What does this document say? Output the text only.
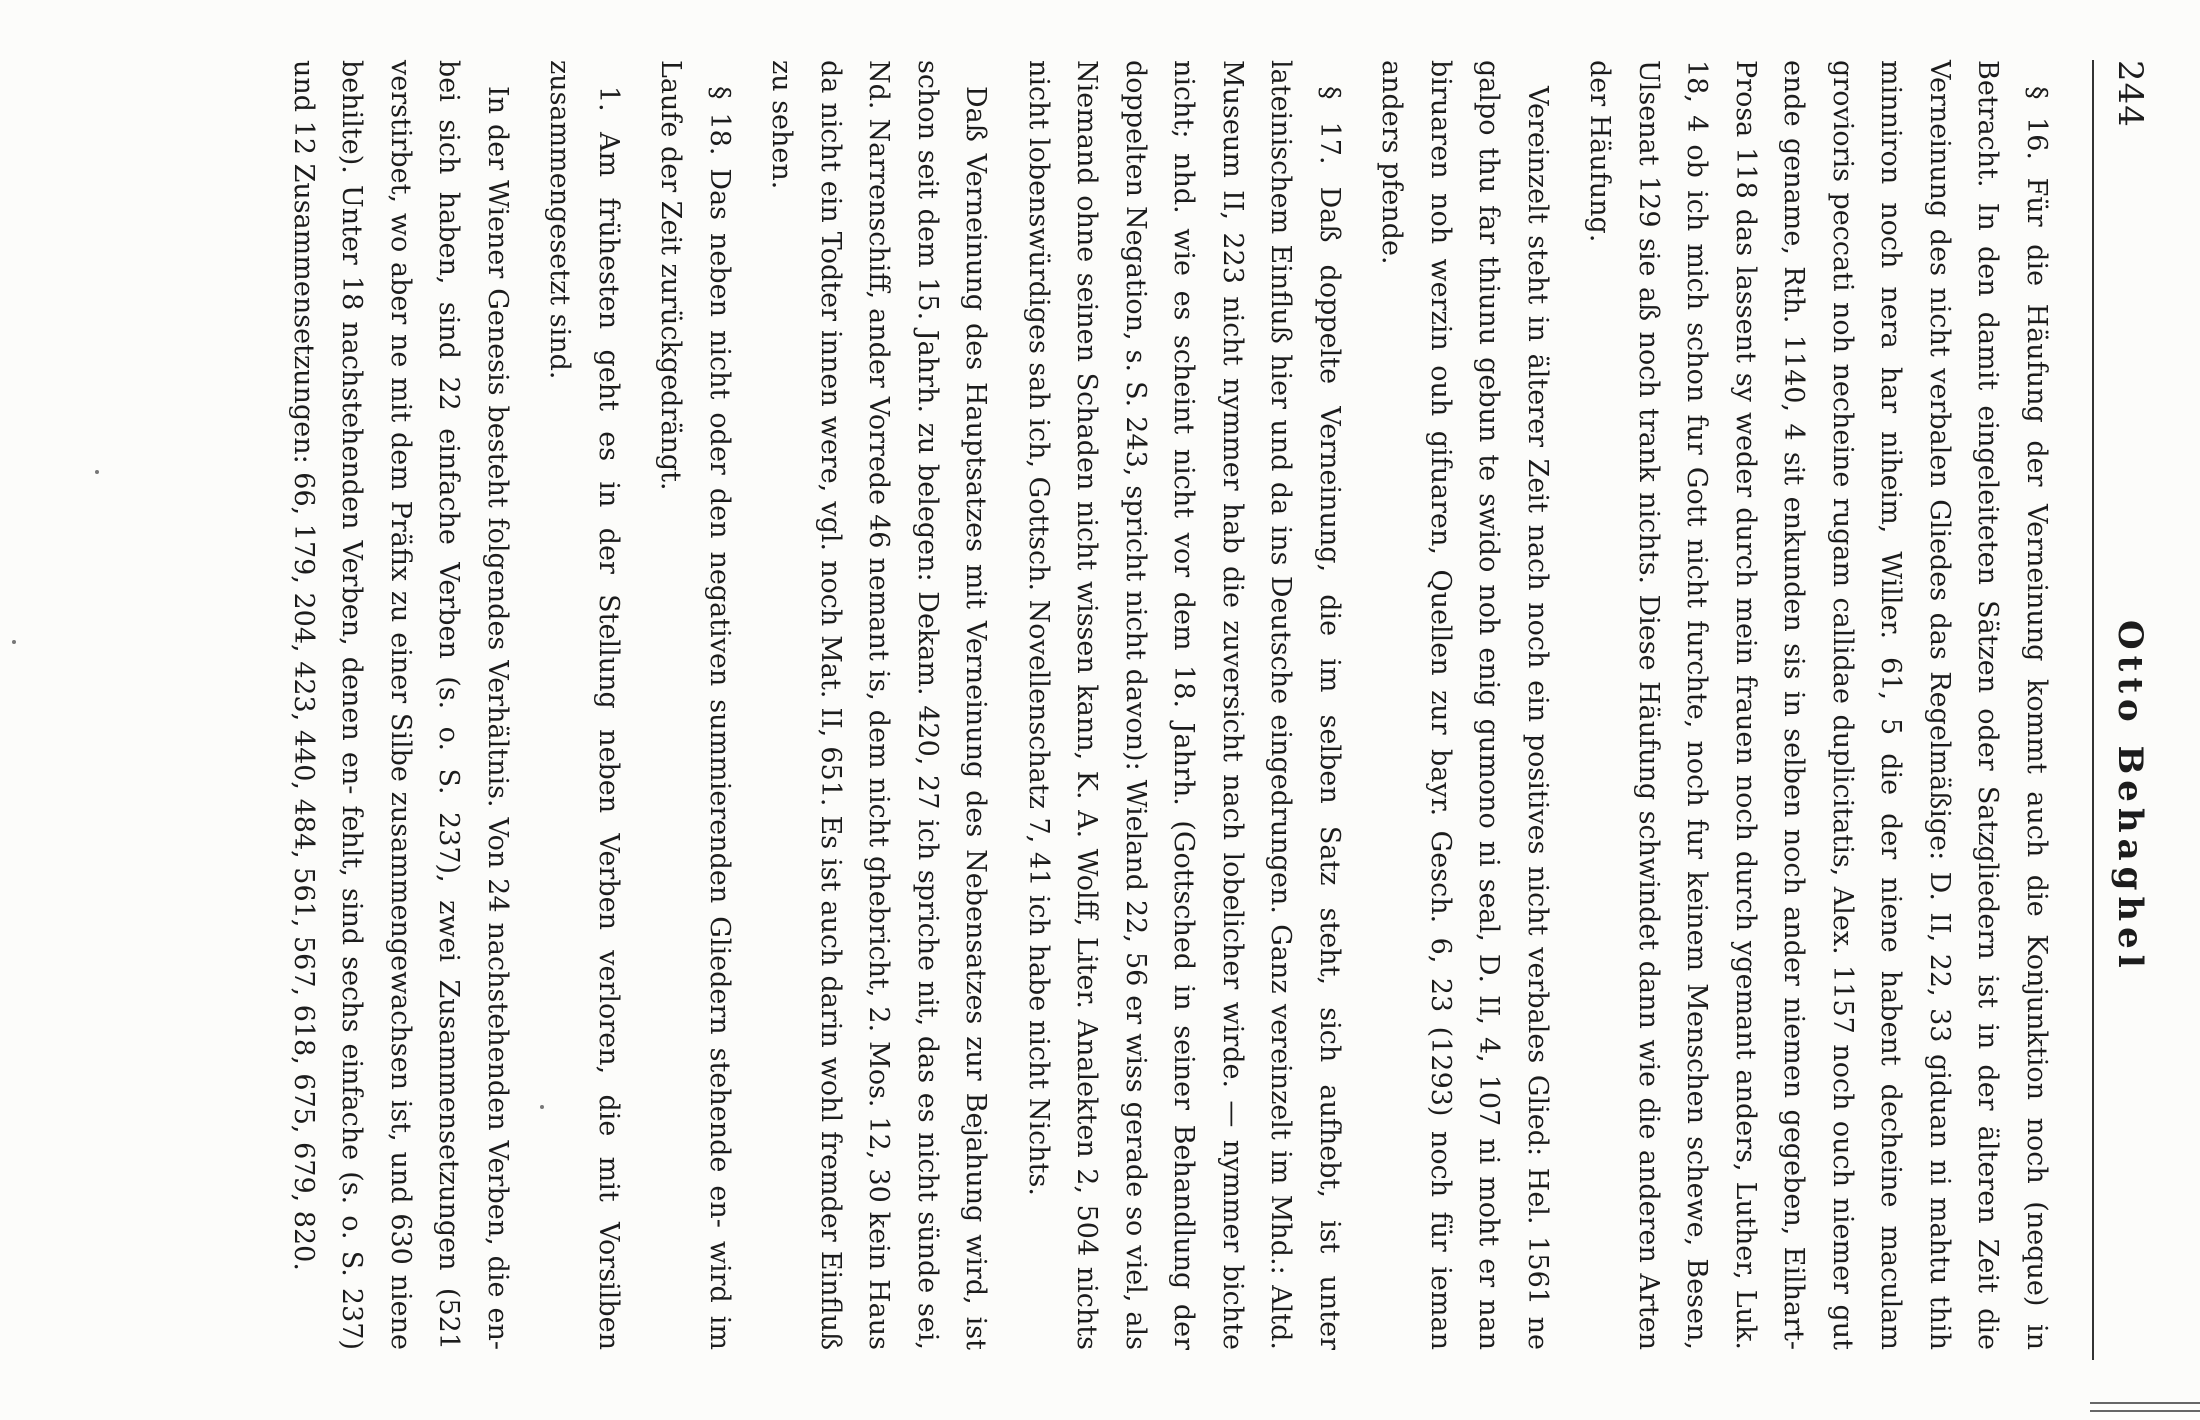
244
Otto Behaghel

§ 16. Für die Häufung der Verneinung kommt auch die Konjunktion noch (neque) in Betracht. In den damit eingeleiteten Sätzen oder Satzgliedern ist in der älteren Zeit die Verneinung des nicht verbalen Gliedes das Regelmäßige: D. II, 22, 33 giduan ni mahtu thih minniron noch nera har niheim, Willer. 61, 5 die der niene habent decheine maculam grovioris peccati noh necheine rugam callidae duplicitatis, Alex. 1157 noch ouch niemer gut ende gename, Rth. 1140, 4 sit enkunden sis in selben noch ander niemen gegeben, Eilhart-Prosa 118 das lassent sy weder durch mein frauen noch durch ygemant anders, Luther, Luk. 18, 4 ob ich mich schon fur Gott nicht furchte, noch fur keinem Menschen schewe, Besen, Ulsenat 129 sie aß noch trank nichts. Diese Häufung schwindet dann wie die anderen Arten der Häufung.

Vereinzelt steht in älterer Zeit nach noch ein positives nicht verbales Glied: Hel. 1561 ne galpo thu far thiunu gebun te swido noh enig gumono ni seal, D. II, 4, 107 ni moht er nan biruaren noh werzin ouh gifuaren, Quellen zur bayr. Gesch. 6, 23 (1293) noch für ieman anders pfende.

§ 17. Daß doppelte Verneinung, die im selben Satz steht, sich aufhebt, ist unter lateinischem Einfluß hier und da ins Deutsche eingedrungen. Ganz vereinzelt im Mhd.: Altd. Museum II, 223 nicht nymmer hab die zuversicht nach lobelicher wirde. — nymmer bichte nicht; nhd. wie es scheint nicht vor dem 18. Jahrh. (Gottsched in seiner Behandlung der doppelten Negation, s. S. 243, spricht nicht davon): Wieland 22, 56 er wiss gerade so viel, als Niemand ohne seinen Schaden nicht wissen kann, K. A. Wolff, Liter. Analekten 2, 504 nichts nicht lobenswürdiges sah ich, Gottsch. Novellenschatz 7, 41 ich habe nicht Nichts.

Daß Verneinung des Hauptsatzes mit Verneinung des Nebensatzes zur Bejahung wird, ist schon seit dem 15. Jahrh. zu belegen: Dekam. 420, 27 ich spriche nit, das es nicht sünde sei, Nd. Narrenschiff, ander Vorrede 46 nemant is, dem nicht ghebricht, 2. Mos. 12, 30 kein Haus da nicht ein Todter innen were, vgl. noch Mat. II, 651. Es ist auch darin wohl fremder Einfluß zu sehen.

§ 18. Das neben nicht oder den negativen summierenden Gliedern stehende en- wird im Laufe der Zeit zurückgedrängt.

1. Am frühesten geht es in der Stellung neben Verben verloren, die mit Vorsilben zusammengesetzt sind.

In der Wiener Genesis besteht folgendes Verhältnis. Von 24 nachstehenden Verben, die en- bei sich haben, sind 22 einfache Verben (s. o. S. 237), zwei Zusammensetzungen (521 verstirbet, wo aber ne mit dem Präfix zu einer Silbe zusammengewachsen ist, und 630 niene behilte). Unter 18 nachstehenden Verben, denen en- fehlt, sind sechs einfache (s. o. S. 237) und 12 Zusammensetzungen: 66, 179, 204, 423, 440, 484, 561, 567, 618, 675, 679, 820.
